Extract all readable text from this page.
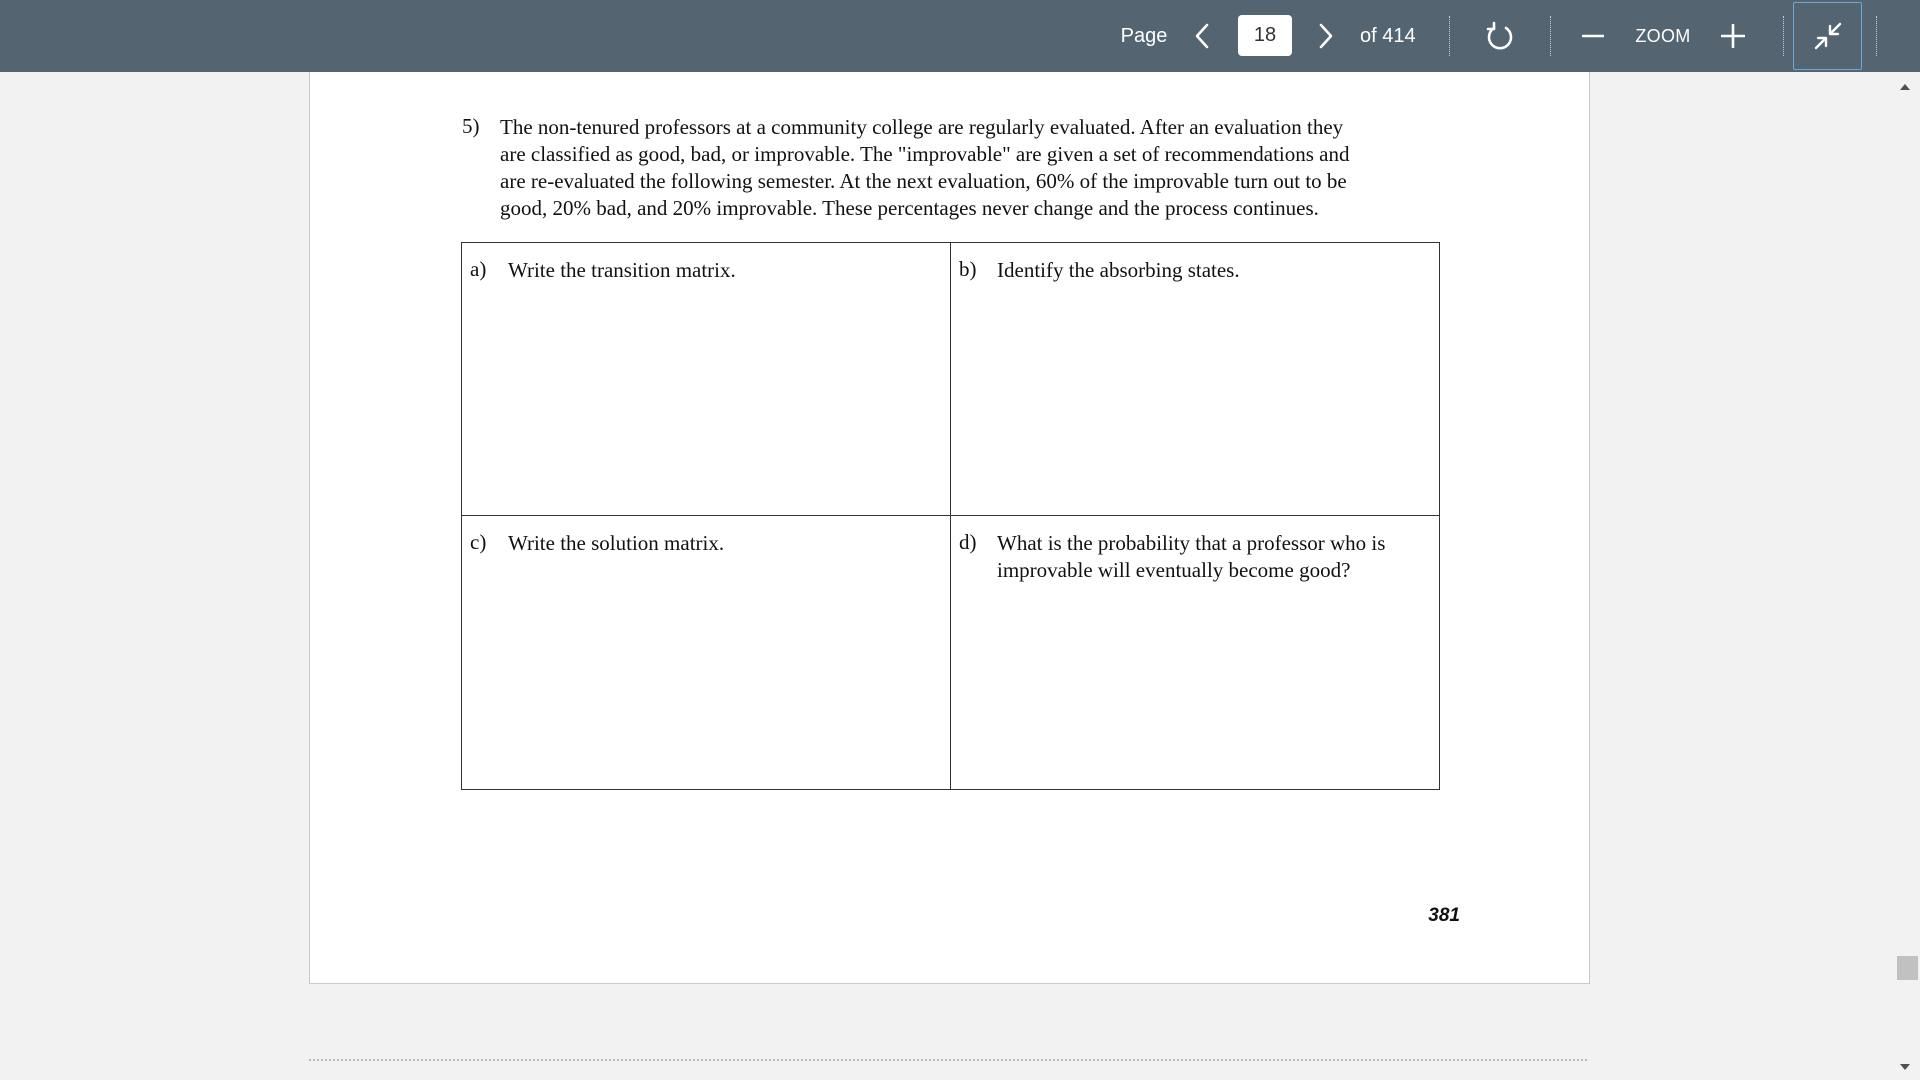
Page
18	of 414	ZOOM
5) The non-tenured professors at a community college are regularly evaluated. After an evaluation they
are classified as good, bad, or improvable. The "improvable" are given a set of recommendations and
are re-evaluated the following semester. At the next evaluation, 60% of the improvable turn out to be
good, 20% bad, and 20% improvable. These percentages never change and the process continues.
a) Write the transition matrix.	b) Identify the absorbing states.
c) Write the solution matrix.	d) What is the probability that a professor who is
improvable will eventually become good?
381
